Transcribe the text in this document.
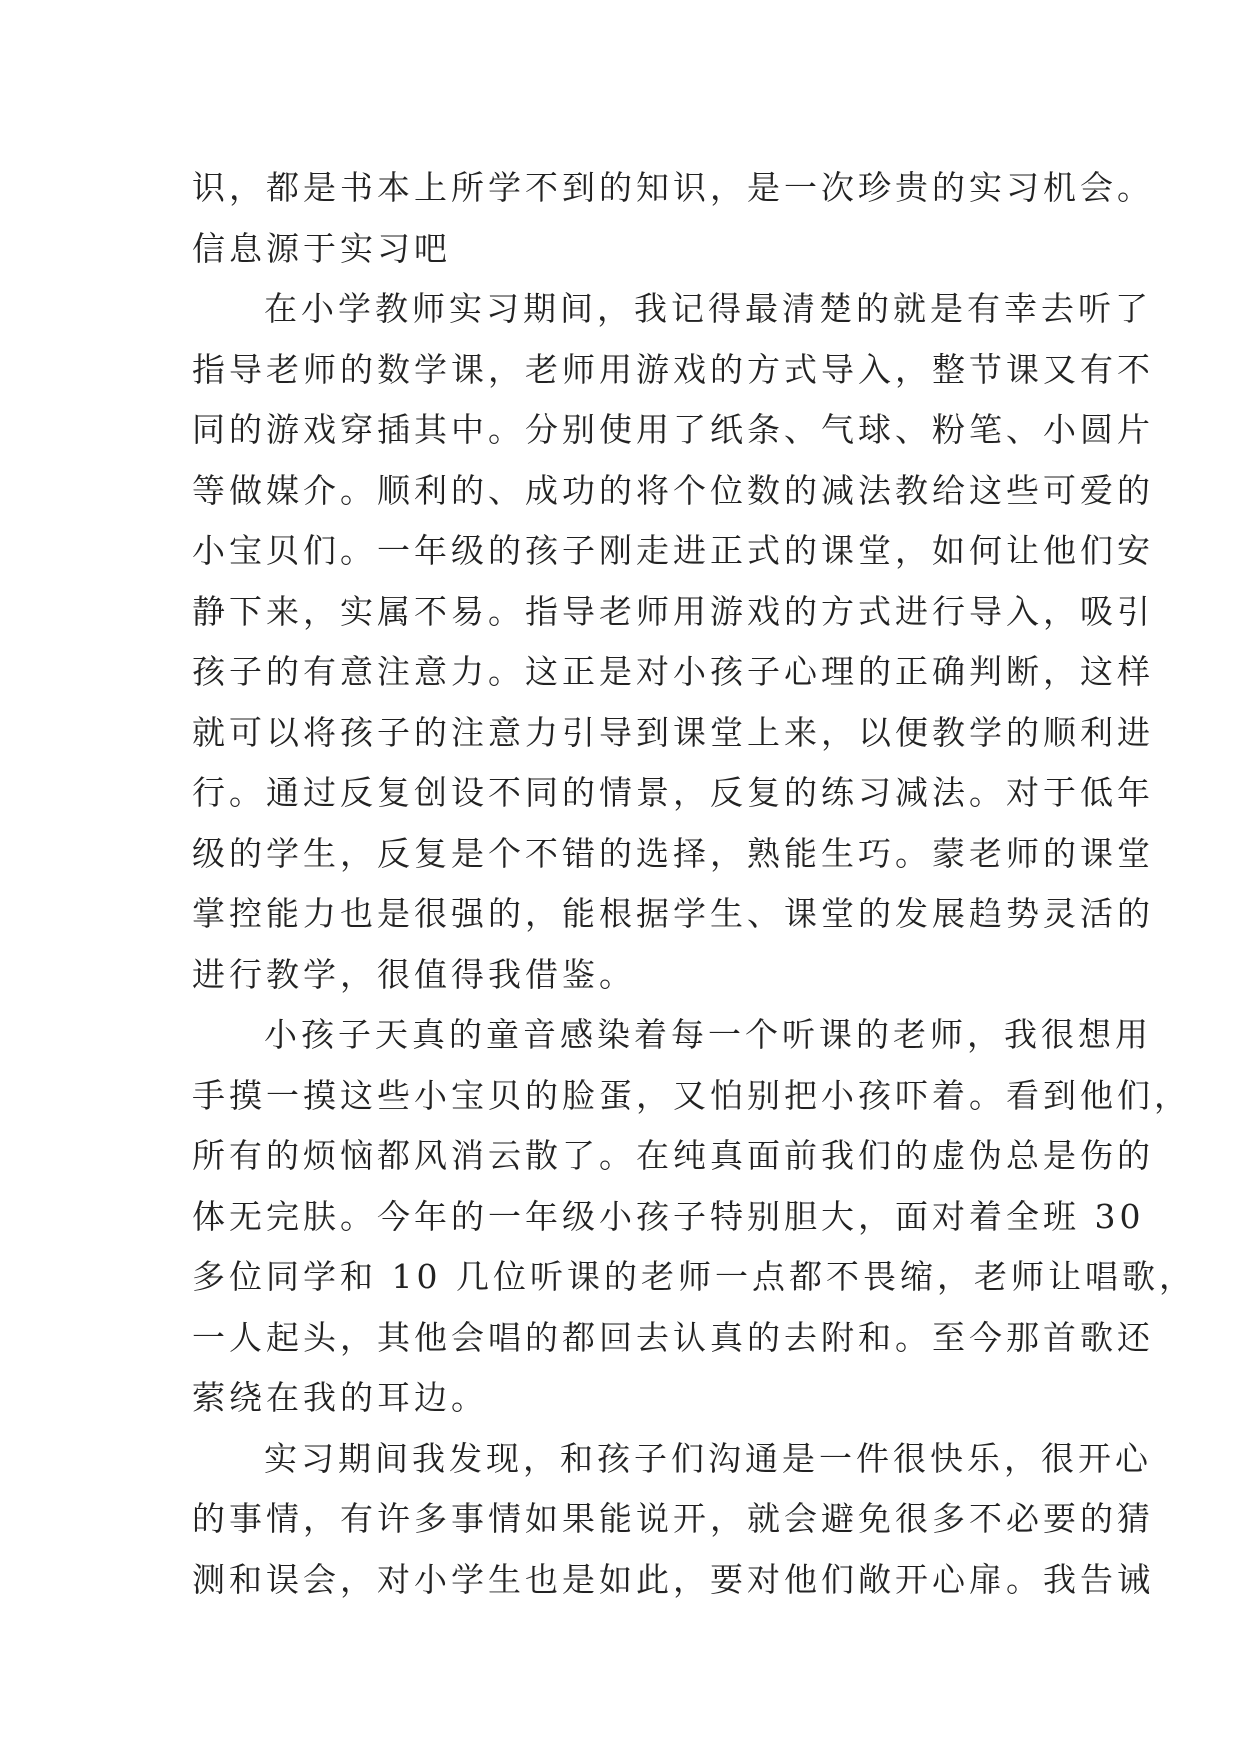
识，都是书本上所学不到的知识，是一次珍贵的实习机会。
信息源于实习吧
在小学教师实习期间，我记得最清楚的就是有幸去听了
指导老师的数学课，老师用游戏的方式导入，整节课又有不
同的游戏穿插其中。分别使用了纸条、气球、粉笔、小圆片
等做媒介。顺利的、成功的将个位数的减法教给这些可爱的
小宝贝们。一年级的孩子刚走进正式的课堂，如何让他们安
静下来，实属不易。指导老师用游戏的方式进行导入，吸引
孩子的有意注意力。这正是对小孩子心理的正确判断，这样
就可以将孩子的注意力引导到课堂上来，以便教学的顺利进
行。通过反复创设不同的情景，反复的练习减法。对于低年
级的学生，反复是个不错的选择，熟能生巧。蒙老师的课堂
掌控能力也是很强的，能根据学生、课堂的发展趋势灵活的
进行教学，很值得我借鉴。
小孩子天真的童音感染着每一个听课的老师，我很想用
手摸一摸这些小宝贝的脸蛋，又怕别把小孩吓着。看到他们，
所有的烦恼都风消云散了。在纯真面前我们的虚伪总是伤的
体无完肤。今年的一年级小孩子特别胆大，面对着全班 30
多位同学和 10 几位听课的老师一点都不畏缩，老师让唱歌，
一人起头，其他会唱的都回去认真的去附和。至今那首歌还
萦绕在我的耳边。
实习期间我发现，和孩子们沟通是一件很快乐，很开心
的事情，有许多事情如果能说开，就会避免很多不必要的猜
测和误会，对小学生也是如此，要对他们敞开心扉。我告诫
